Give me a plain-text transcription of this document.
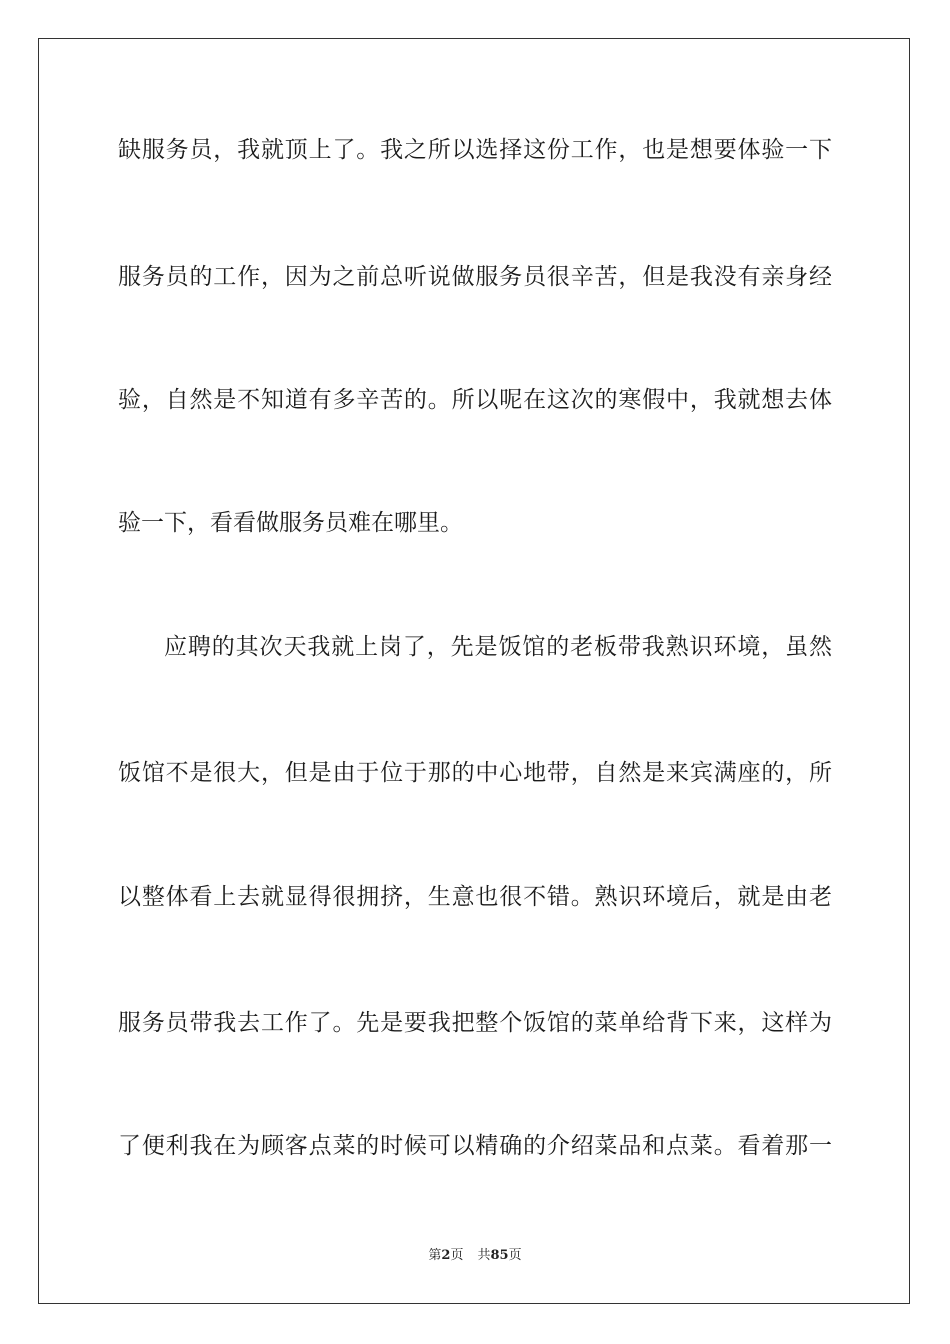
缺服务员，我就顶上了。我之所以选择这份工作，也是想要体验一下
服务员的工作，因为之前总听说做服务员很辛苦，但是我没有亲身经
验，自然是不知道有多辛苦的。所以呢在这次的寒假中，我就想去体
验一下，看看做服务员难在哪里。
应聘的其次天我就上岗了，先是饭馆的老板带我熟识环境，虽然
饭馆不是很大，但是由于位于那的中心地带，自然是来宾满座的，所
以整体看上去就显得很拥挤，生意也很不错。熟识环境后，就是由老
服务员带我去工作了。先是要我把整个饭馆的菜单给背下来，这样为
了便利我在为顾客点菜的时候可以精确的介绍菜品和点菜。看着那一
第2页 共85页
